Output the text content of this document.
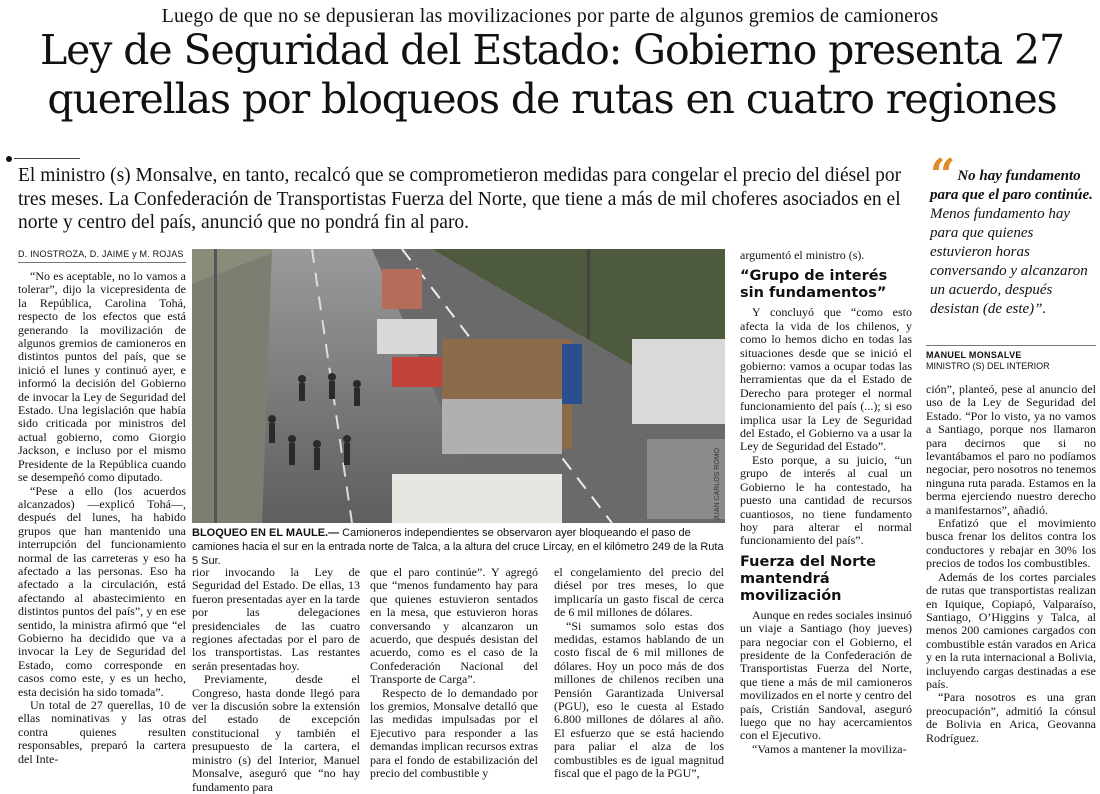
Luego de que no se depusieran las movilizaciones por parte de algunos gremios de camioneros
Ley de Seguridad del Estado: Gobierno presenta 27 querellas por bloqueos de rutas en cuatro regiones

El ministro (s) Monsalve, en tanto, recalcó que se comprometieron medidas para congelar el precio del diésel por tres meses. La Confederación de Transportistas Fuerza del Norte, que tiene a más de mil choferes asociados en el norte y centro del país, anunció que no pondrá fin al paro.

D. INOSTROZA, D. JAIME y M. ROJAS

“No es aceptable, no lo vamos a tolerar”, dijo la vicepresidenta de la República, Carolina Tohá, respecto de los efectos que está generando la movilización de algunos gremios de camioneros en distintos puntos del país, que se inició el lunes y continuó ayer, e informó la decisión del Gobierno de invocar la Ley de Seguridad del Estado. Una legislación que había sido criticada por ministros del actual gobierno, como Giorgio Jackson, e incluso por el mismo Presidente de la República cuando se desempeñó como diputado.

“Pese a ello (los acuerdos alcanzados) —explicó Tohá—, después del lunes, ha habido grupos que han mantenido una interrupción del funcionamiento normal de las carreteras y eso ha afectado a las personas. Eso ha afectado a la circulación, está afectando al abastecimiento en distintos puntos del país”, y en ese sentido, la ministra afirmó que “el Gobierno ha decidido que va a invocar la Ley de Seguridad del Estado, como corresponde en casos como este, y es un hecho, esta decisión ha sido tomada”.

Un total de 27 querellas, 10 de ellas nominativas y las otras contra quienes resulten responsables, preparó la cartera del Inte-

JUAN CARLOS ROMO
BLOQUEO EN EL MAULE.— Camioneros independientes se observaron ayer bloqueando el paso de camiones hacia el sur en la entrada norte de Talca, a la altura del cruce Lircay, en el kilómetro 249 de la Ruta 5 Sur.

rior invocando la Ley de Seguridad del Estado. De ellas, 13 fueron presentadas ayer en la tarde por las delegaciones presidenciales de las cuatro regiones afectadas por el paro de los transportistas. Las restantes serán presentadas hoy.

Previamente, desde el Congreso, hasta donde llegó para ver la discusión sobre la extensión del estado de excepción constitucional y también el presupuesto de la cartera, el ministro (s) del Interior, Manuel Monsalve, aseguró que “no hay fundamento para

que el paro continúe”. Y agregó que “menos fundamento hay para que quienes estuvieron sentados en la mesa, que estuvieron horas conversando y alcanzaron un acuerdo, que después desistan del acuerdo, como es el caso de la Confederación Nacional del Transporte de Carga”.

Respecto de lo demandado por los gremios, Monsalve detalló que las medidas impulsadas por el Ejecutivo para responder a las demandas implican recursos extras para el fondo de estabilización del precio del combustible y

el congelamiento del precio del diésel por tres meses, lo que implicaría un gasto fiscal de cerca de 6 mil millones de dólares.

“Si sumamos solo estas dos medidas, estamos hablando de un costo fiscal de 6 mil millones de dólares. Hoy un poco más de dos millones de chilenos reciben una Pensión Garantizada Universal (PGU), eso le cuesta al Estado 6.800 millones de dólares al año. El esfuerzo que se está haciendo para paliar el alza de los combustibles es de igual magnitud fiscal que el pago de la PGU”,

argumentó el ministro (s).

“Grupo de interés sin fundamentos”

Y concluyó que “como esto afecta la vida de los chilenos, y como lo hemos dicho en todas las situaciones desde que se inició el gobierno: vamos a ocupar todas las herramientas que da el Estado de Derecho para proteger el normal funcionamiento del país (...); si eso implica usar la Ley de Seguridad del Estado, el Gobierno va a usar la Ley de Seguridad del Estado”.

Esto porque, a su juicio, “un grupo de interés al cual un Gobierno le ha contestado, ha puesto una cantidad de recursos cuantiosos, no tiene fundamento hoy para alterar el normal funcionamiento del país”.

Fuerza del Norte mantendrá movilización

Aunque en redes sociales insinuó un viaje a Santiago (hoy jueves) para negociar con el Gobierno, el presidente de la Confederación de Transportistas Fuerza del Norte, que tiene a más de mil camioneros movilizados en el norte y centro del país, Cristián Sandoval, aseguró luego que no hay acercamientos con el Ejecutivo.

“Vamos a mantener la moviliza-

“ No hay fundamento para que el paro continúe. Menos fundamento hay para que quienes estuvieron horas conversando y alcanzaron un acuerdo, después desistan (de este)”.
MANUEL MONSALVE
MINISTRO (S) DEL INTERIOR

ción”, planteó, pese al anuncio del uso de la Ley de Seguridad del Estado. “Por lo visto, ya no vamos a Santiago, porque nos llamaron para decirnos que si no levantábamos el paro no podíamos negociar, pero nosotros no tenemos ninguna ruta parada. Estamos en la berma ejerciendo nuestro derecho a manifestarnos”, añadió.

Enfatizó que el movimiento busca frenar los delitos contra los conductores y rebajar en 30% los precios de todos los combustibles.

Además de los cortes parciales de rutas que transportistas realizan en Iquique, Copiapó, Valparaíso, Santiago, O’Higgins y Talca, al menos 200 camiones cargados con combustible están varados en Arica y en la ruta internacional a Bolivia, incluyendo cargas destinadas a ese país.

“Para nosotros es una gran preocupación”, admitió la cónsul de Bolivia en Arica, Geovanna Rodríguez.
